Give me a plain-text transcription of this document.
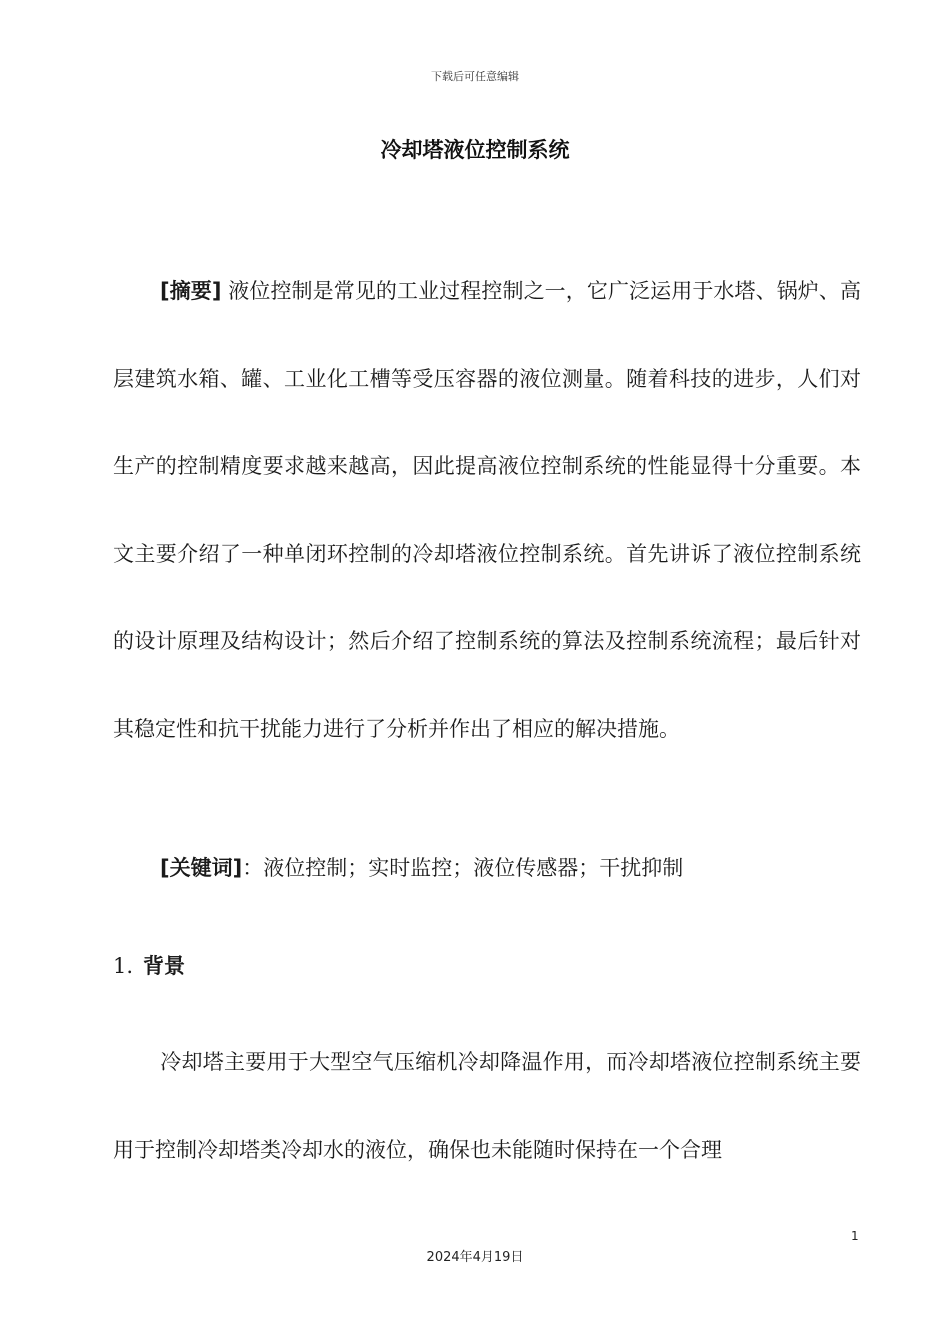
下载后可任意编辑
冷却塔液位控制系统

[摘要] 液位控制是常见的工业过程控制之一，它广泛运用于水塔、锅炉、高层建筑水箱、罐、工业化工槽等受压容器的液位测量。随着科技的进步，人们对生产的控制精度要求越来越高，因此提高液位控制系统的性能显得十分重要。本文主要介绍了一种单闭环控制的冷却塔液位控制系统。首先讲诉了液位控制系统的设计原理及结构设计；然后介绍了控制系统的算法及控制系统流程；最后针对其稳定性和抗干扰能力进行了分析并作出了相应的解决措施。

[关键词]：液位控制；实时监控；液位传感器；干扰抑制

1. 背景

冷却塔主要用于大型空气压缩机冷却降温作用，而冷却塔液位控制系统主要用于控制冷却塔类冷却水的液位，确保也未能随时保持在一个合理

1
2024年4月19日
